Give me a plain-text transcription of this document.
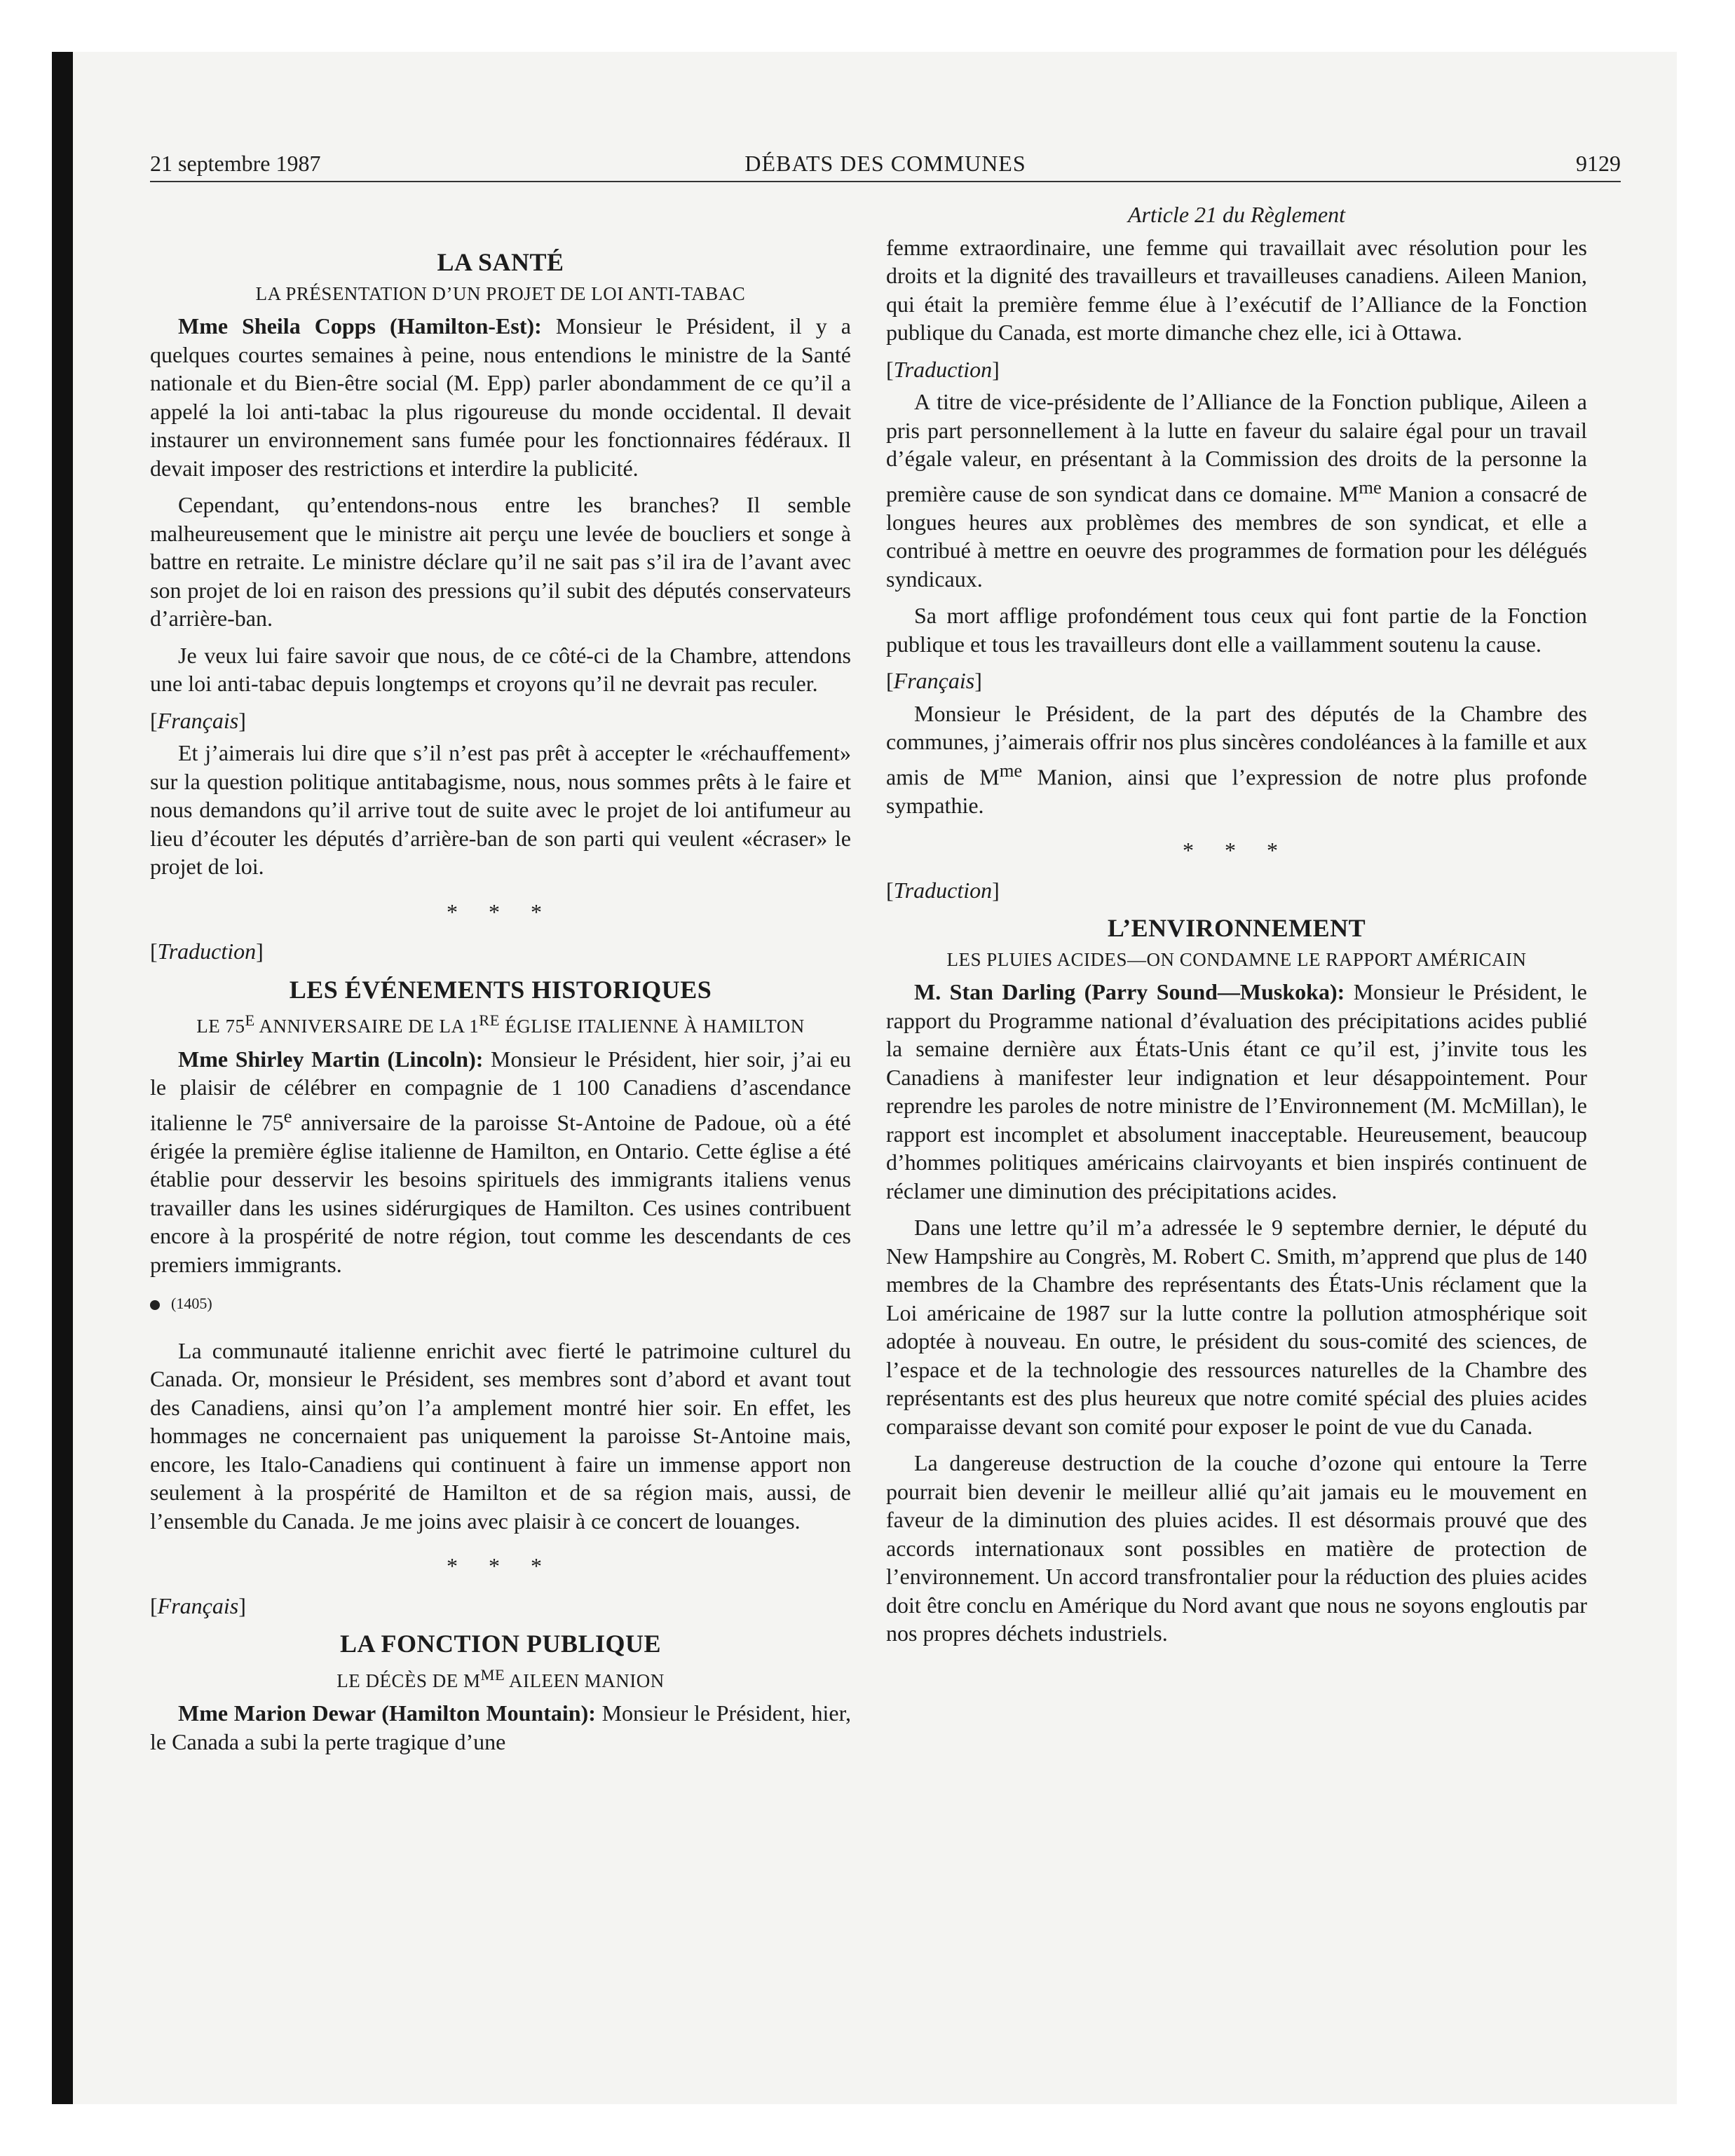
21 septembre 1987	DÉBATS DES COMMUNES	9129
LA SANTÉ
LA PRÉSENTATION D’UN PROJET DE LOI ANTI-TABAC

Mme Sheila Copps (Hamilton-Est): Monsieur le Président, il y a quelques courtes semaines à peine, nous entendions le ministre de la Santé nationale et du Bien-être social (M. Epp) parler abondamment de ce qu’il a appelé la loi anti-tabac la plus rigoureuse du monde occidental. Il devait instaurer un environnement sans fumée pour les fonctionnaires fédéraux. Il devait imposer des restrictions et interdire la publicité.

Cependant, qu’entendons-nous entre les branches? Il semble malheureusement que le ministre ait perçu une levée de boucliers et songe à battre en retraite. Le ministre déclare qu’il ne sait pas s’il ira de l’avant avec son projet de loi en raison des pressions qu’il subit des députés conservateurs d’arrière-ban.

Je veux lui faire savoir que nous, de ce côté-ci de la Chambre, attendons une loi anti-tabac depuis longtemps et croyons qu’il ne devrait pas reculer.

[Français]

Et j’aimerais lui dire que s’il n’est pas prêt à accepter le «réchauffement» sur la question politique antitabagisme, nous, nous sommes prêts à le faire et nous demandons qu’il arrive tout de suite avec le projet de loi antifumeur au lieu d’écouter les députés d’arrière-ban de son parti qui veulent «écraser» le projet de loi.

* * *
[Traduction]
LES ÉVÉNEMENTS HISTORIQUES
LE $75^E$ ANNIVERSAIRE DE LA 1RE ÉGLISE ITALIENNE À HAMILTON

Mme Shirley Martin (Lincoln): Monsieur le Président, hier soir, j’ai eu le plaisir de célébrer en compagnie de 1 100 Canadiens d’ascendance italienne le 75e anniversaire de la paroisse St-Antoine de Padoue, où a été érigée la première église italienne de Hamilton, en Ontario. Cette église a été établie pour desservir les besoins spirituels des immigrants italiens venus travailler dans les usines sidérurgiques de Hamilton. Ces usines contribuent encore à la prospérité de notre région, tout comme les descendants de ces premiers immigrants.

(1405)

La communauté italienne enrichit avec fierté le patrimoine culturel du Canada. Or, monsieur le Président, ses membres sont d’abord et avant tout des Canadiens, ainsi qu’on l’a amplement montré hier soir. En effet, les hommages ne concernaient pas uniquement la paroisse St-Antoine mais, encore, les Italo-Canadiens qui continuent à faire un immense apport non seulement à la prospérité de Hamilton et de sa région mais, aussi, de l’ensemble du Canada. Je me joins avec plaisir à ce concert de louanges.

* * *
[Français]
LA FONCTION PUBLIQUE
LE DÉCÈS DE $M^{ME}$ AILEEN MANION

Mme Marion Dewar (Hamilton Mountain): Monsieur le Président, hier, le Canada a subi la perte tragique d’une

Article 21 du Règlement

femme extraordinaire, une femme qui travaillait avec résolution pour les droits et la dignité des travailleurs et travailleuses canadiens. Aileen Manion, qui était la première femme élue à l’exécutif de l’Alliance de la Fonction publique du Canada, est morte dimanche chez elle, ici à Ottawa.

[Traduction]

A titre de vice-présidente de l’Alliance de la Fonction publique, Aileen a pris part personnellement à la lutte en faveur du salaire égal pour un travail d’égale valeur, en présentant à la Commission des droits de la personne la première cause de son syndicat dans ce domaine. $M^{me}$ Manion a consacré de longues heures aux problèmes des membres de son syndicat, et elle a contribué à mettre en oeuvre des programmes de formation pour les délégués syndicaux.

Sa mort afflige profondément tous ceux qui font partie de la Fonction publique et tous les travailleurs dont elle a vaillamment soutenu la cause.

[Français]

Monsieur le Président, de la part des députés de la Chambre des communes, j’aimerais offrir nos plus sincères condoléances à la famille et aux amis de $M^{me}$ Manion, ainsi que l’expression de notre plus profonde sympathie.

* * *
[Traduction]
L’ENVIRONNEMENT
LES PLUIES ACIDES—ON CONDAMNE LE RAPPORT AMÉRICAIN

M. Stan Darling (Parry Sound—Muskoka): Monsieur le Président, le rapport du Programme national d’évaluation des précipitations acides publié la semaine dernière aux États-Unis étant ce qu’il est, j’invite tous les Canadiens à manifester leur indignation et leur désappointement. Pour reprendre les paroles de notre ministre de l’Environnement (M. McMillan), le rapport est incomplet et absolument inacceptable. Heureusement, beaucoup d’hommes politiques américains clairvoyants et bien inspirés continuent de réclamer une diminution des précipitations acides.

Dans une lettre qu’il m’a adressée le 9 septembre dernier, le député du New Hampshire au Congrès, M. Robert C. Smith, m’apprend que plus de 140 membres de la Chambre des représentants des États-Unis réclament que la Loi américaine de 1987 sur la lutte contre la pollution atmosphérique soit adoptée à nouveau. En outre, le président du sous-comité des sciences, de l’espace et de la technologie des ressources naturelles de la Chambre des représentants est des plus heureux que notre comité spécial des pluies acides comparaisse devant son comité pour exposer le point de vue du Canada.

La dangereuse destruction de la couche d’ozone qui entoure la Terre pourrait bien devenir le meilleur allié qu’ait jamais eu le mouvement en faveur de la diminution des pluies acides. Il est désormais prouvé que des accords internationaux sont possibles en matière de protection de l’environnement. Un accord transfrontalier pour la réduction des pluies acides doit être conclu en Amérique du Nord avant que nous ne soyons engloutis par nos propres déchets industriels.
